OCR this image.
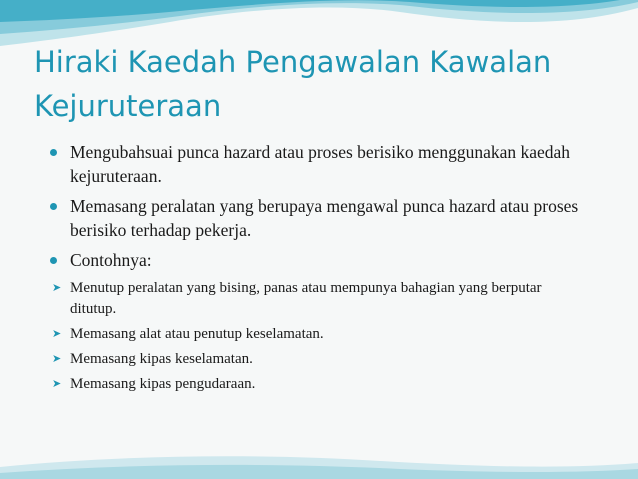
Hiraki Kaedah Pengawalan Kawalan Kejuruteraan
Mengubahsuai punca hazard atau proses berisiko menggunakan kaedah kejuruteraan.
Memasang peralatan yang berupaya mengawal punca hazard atau proses berisiko terhadap pekerja.
Contohnya:
➤ Menutup peralatan yang bising, panas atau mempunya bahagian yang berputar ditutup.
➤ Memasang alat atau penutup keselamatan.
➤ Memasang kipas keselamatan.
➤ Memasang kipas pengudaraan.
